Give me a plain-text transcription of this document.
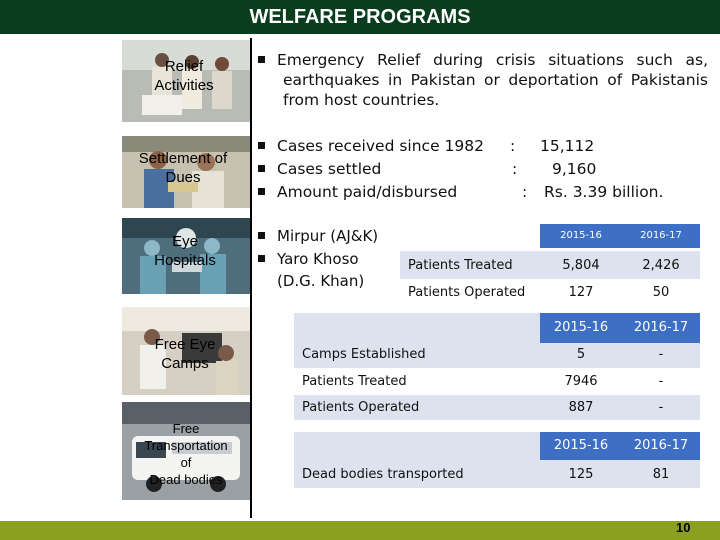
WELFARE PROGRAMS
Relief
Activities
Emergency Relief during crisis situations such as,
earthquakes in Pakistan or deportation of Pakistanis
from host countries.
Settlement of
Dues
Cases received since 1982 : 15,112
Cases settled	: 9,160
Amount paid/disbursed	: Rs. 3.39 billion.
Eye
Hospitals
Mirpur (AJ&K)
Yaro Khoso
(D.G. Khan)
2015-16	2016-17
Patients Treated	5,804	2,426
Patients Operated	127	50
Free Eye
Camps
2015-16	2016-17
Camps Established	5	-
Patients Treated	7946	-
Patients Operated	887	-
Free
Transportation
of
Dead bodies
2015-16	2016-17
Dead bodies transported	125	81
10
